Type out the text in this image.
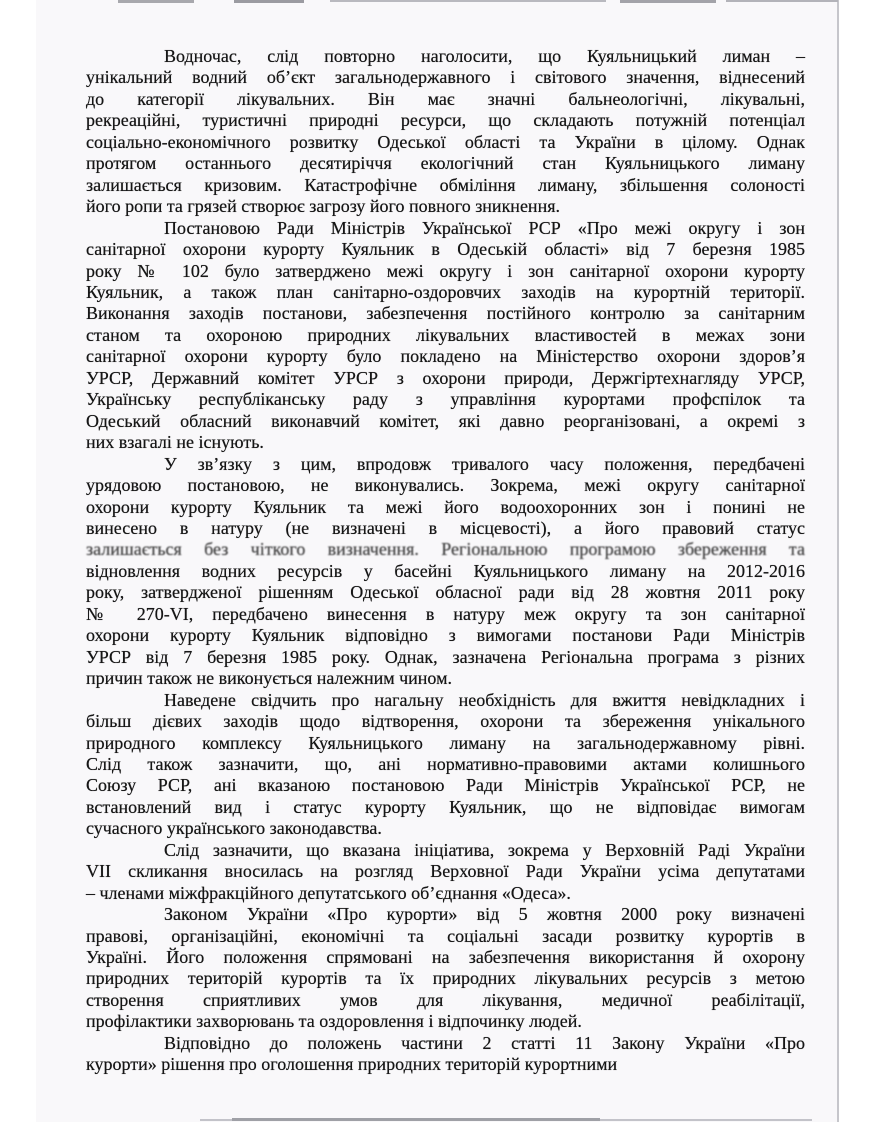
Водночас, слід повторно наголосити, що Куяльницький лиман –
унікальний водний об’єкт загальнодержавного і світового значення, віднесений
до категорії лікувальних. Він має значні бальнеологічні, лікувальні,
рекреаційні, туристичні природні ресурси, що складають потужній потенціал
соціально-економічного розвитку Одеської області та України в цілому. Однак
протягом останнього десятиріччя екологічний стан Куяльницького лиману
залишається кризовим. Катастрофічне обміління лиману, збільшення солоності
його ропи та грязей створює загрозу його повного зникнення.
Постановою Ради Міністрів Української РСР «Про межі округу і зон
санітарної охорони курорту Куяльник в Одеській області» від 7 березня 1985
року № 102 було затверджено межі округу і зон санітарної охорони курорту
Куяльник, а також план санітарно-оздоровчих заходів на курортній території.
Виконання заходів постанови, забезпечення постійного контролю за санітарним
станом та охороною природних лікувальних властивостей в межах зони
санітарної охорони курорту було покладено на Міністерство охорони здоров’я
УРСР, Державний комітет УРСР з охорони природи, Держгіртехнагляду УРСР,
Українську республіканську раду з управління курортами профспілок та
Одеський обласний виконавчий комітет, які давно реорганізовані, а окремі з
них взагалі не існують.
У зв’язку з цим, впродовж тривалого часу положення, передбачені
урядовою постановою, не виконувались. Зокрема, межі округу санітарної
охорони курорту Куяльник та межі його водоохоронних зон і понині не
винесено в натуру (не визначені в місцевості), а його правовий статус
залишається без чіткого визначення. Регіональною програмою збереження та
відновлення водних ресурсів у басейні Куяльницького лиману на 2012-2016
року, затвердженої рішенням Одеської обласної ради від 28 жовтня 2011 року
№ 270-VI, передбачено винесення в натуру меж округу та зон санітарної
охорони курорту Куяльник відповідно з вимогами постанови Ради Міністрів
УРСР від 7 березня 1985 року. Однак, зазначена Регіональна програма з різних
причин також не виконується належним чином.
Наведене свідчить про нагальну необхідність для вжиття невідкладних і
більш дієвих заходів щодо відтворення, охорони та збереження унікального
природного комплексу Куяльницького лиману на загальнодержавному рівні.
Слід також зазначити, що, ані нормативно-правовими актами колишнього
Союзу РСР, ані вказаною постановою Ради Міністрів Української РСР, не
встановлений вид і статус курорту Куяльник, що не відповідає вимогам
сучасного українського законодавства.
Слід зазначити, що вказана ініціатива, зокрема у Верховній Раді України
VII скликання вносилась на розгляд Верховної Ради України усіма депутатами
– членами міжфракційного депутатського об’єднання «Одеса».
Законом України «Про курорти» від 5 жовтня 2000 року визначені
правові, організаційні, економічні та соціальні засади розвитку курортів в
Україні. Його положення спрямовані на забезпечення використання й охорону
природних територій курортів та їх природних лікувальних ресурсів з метою
створення сприятливих умов для лікування, медичної реабілітації,
профілактики захворювань та оздоровлення і відпочинку людей.
Відповідно до положень частини 2 статті 11 Закону України «Про
курорти» рішення про оголошення природних територій курортними
